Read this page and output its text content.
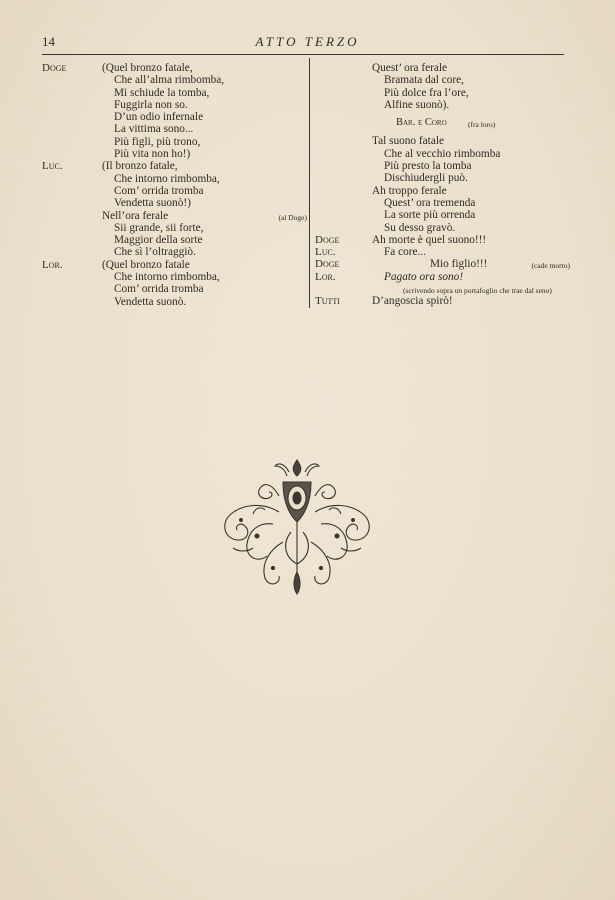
14	ATTO TERZO
Doge	(Quel bronzo fatale,
Che all’alma rimbomba,
Mi schiude la tomba,
Fuggirla non so.
D’un odio infernale
La vittima sono...
Più figli, più trono,
Più vita non ho!)
Luc.	(Il bronzo fatale,
Che intorno rimbomba,
Com’ orrida tromba
Vendetta suonò!)
Nell’ora ferale	(al Doge)
Sii grande, sii forte,
Maggior della sorte
Che sì l’oltraggiò.
Lor.	(Quel bronzo fatale
Che intorno rimbomba,
Com’ orrida tromba
Vendetta suonò.
Quest’ ora ferale
Bramata dal core,
Più dolce fra l’ore,
Alfine suonò).
Bar. e Coro	(fra loro)
Tal suono fatale
Che al vecchio rimbomba
Più presto la tomba
Dischiudergli può.
Ah troppo ferale
Quest’ ora tremenda
La sorte più orrenda
Su desso gravò.
Doge	Ah morte è quel suono!!!
Luc.	Fa core...
Doge	Mio figlio!!!	(cade morto)
Lor.	Pagato ora sono!
(scrivendo sopra un portafoglio che trae dal seno)
Tutti	D’angoscia spirò!
